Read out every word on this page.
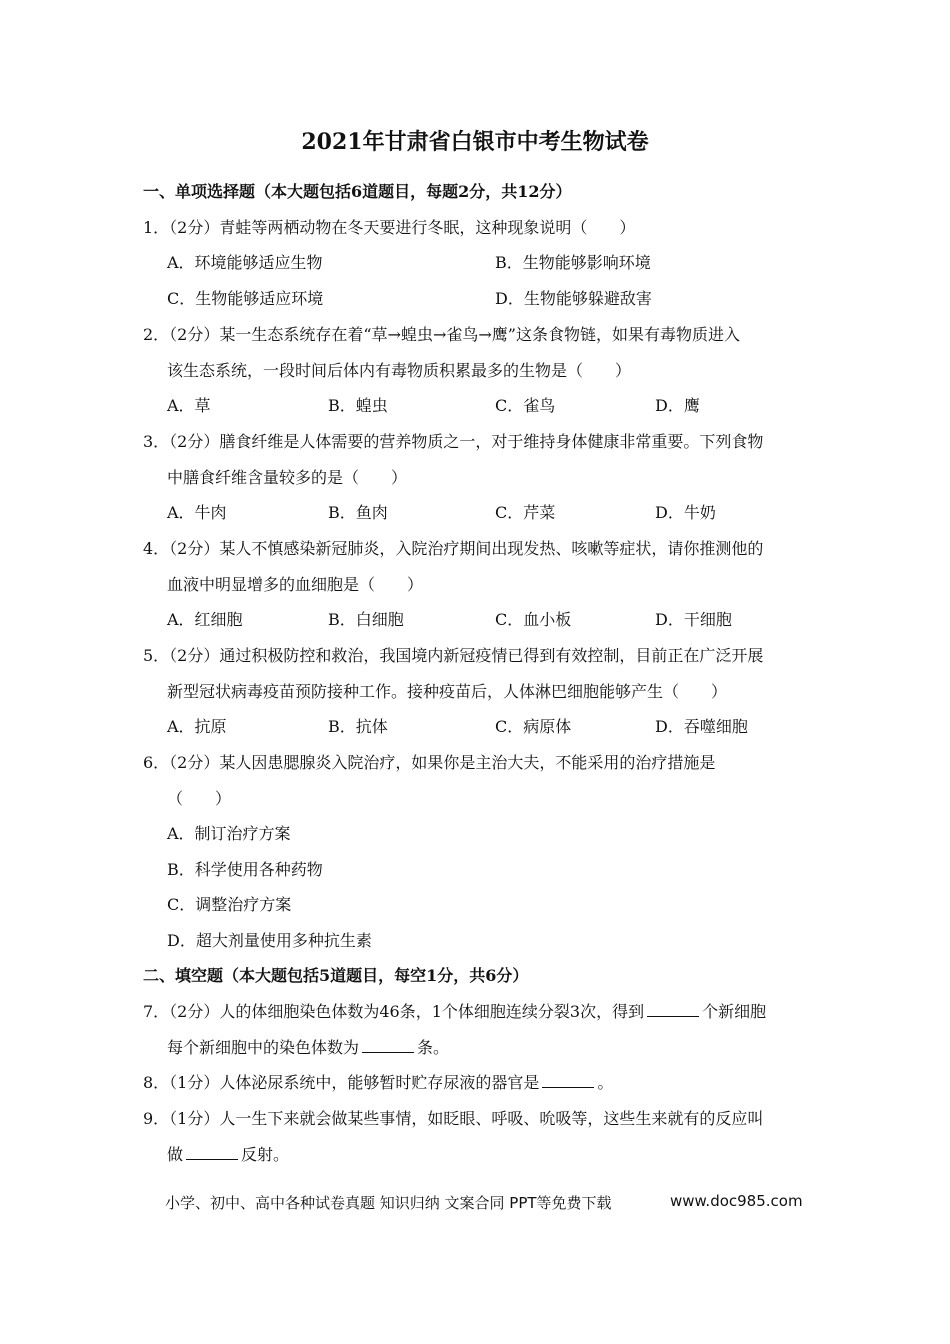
2021年甘肃省白银市中考生物试卷
一、单项选择题（本大题包括6道题目，每题2分，共12分）
1．（2分）青蛙等两栖动物在冬天要进行冬眠，这种现象说明（　　）
A．环境能够适应生物	B．生物能够影响环境
C．生物能够适应环境	D．生物能够躲避敌害
2．（2分）某一生态系统存在着“草→蝗虫→雀鸟→鹰”这条食物链，如果有毒物质进入
该生态系统，一段时间后体内有毒物质积累最多的生物是（　　）
A．草	B．蝗虫	C．雀鸟	D．鹰
3．（2分）膳食纤维是人体需要的营养物质之一，对于维持身体健康非常重要。下列食物
中膳食纤维含量较多的是（　　）
A．牛肉	B．鱼肉	C．芹菜	D．牛奶
4．（2分）某人不慎感染新冠肺炎，入院治疗期间出现发热、咳嗽等症状，请你推测他的
血液中明显增多的血细胞是（　　）
A．红细胞	B．白细胞	C．血小板	D．干细胞
5．（2分）通过积极防控和救治，我国境内新冠疫情已得到有效控制，目前正在广泛开展
新型冠状病毒疫苗预防接种工作。接种疫苗后，人体淋巴细胞能够产生（　　）
A．抗原	B．抗体	C．病原体	D．吞噬细胞
6．（2分）某人因患腮腺炎入院治疗，如果你是主治大夫，不能采用的治疗措施是
（　　）
A．制订治疗方案
B．科学使用各种药物
C．调整治疗方案
D．超大剂量使用多种抗生素
二、填空题（本大题包括5道题目，每空1分，共6分）
7．（2分）人的体细胞染色体数为46条，1个体细胞连续分裂3次，得到	个新细胞
每个新细胞中的染色体数为	条。
8．（1分）人体泌尿系统中，能够暂时贮存尿液的器官是	。
9．（1分）人一生下来就会做某些事情，如眨眼、呼吸、吮吸等，这些生来就有的反应叫
做	反射。
小学、初中、高中各种试卷真题 知识归纳 文案合同 PPT等免费下载	www.doc985.com
